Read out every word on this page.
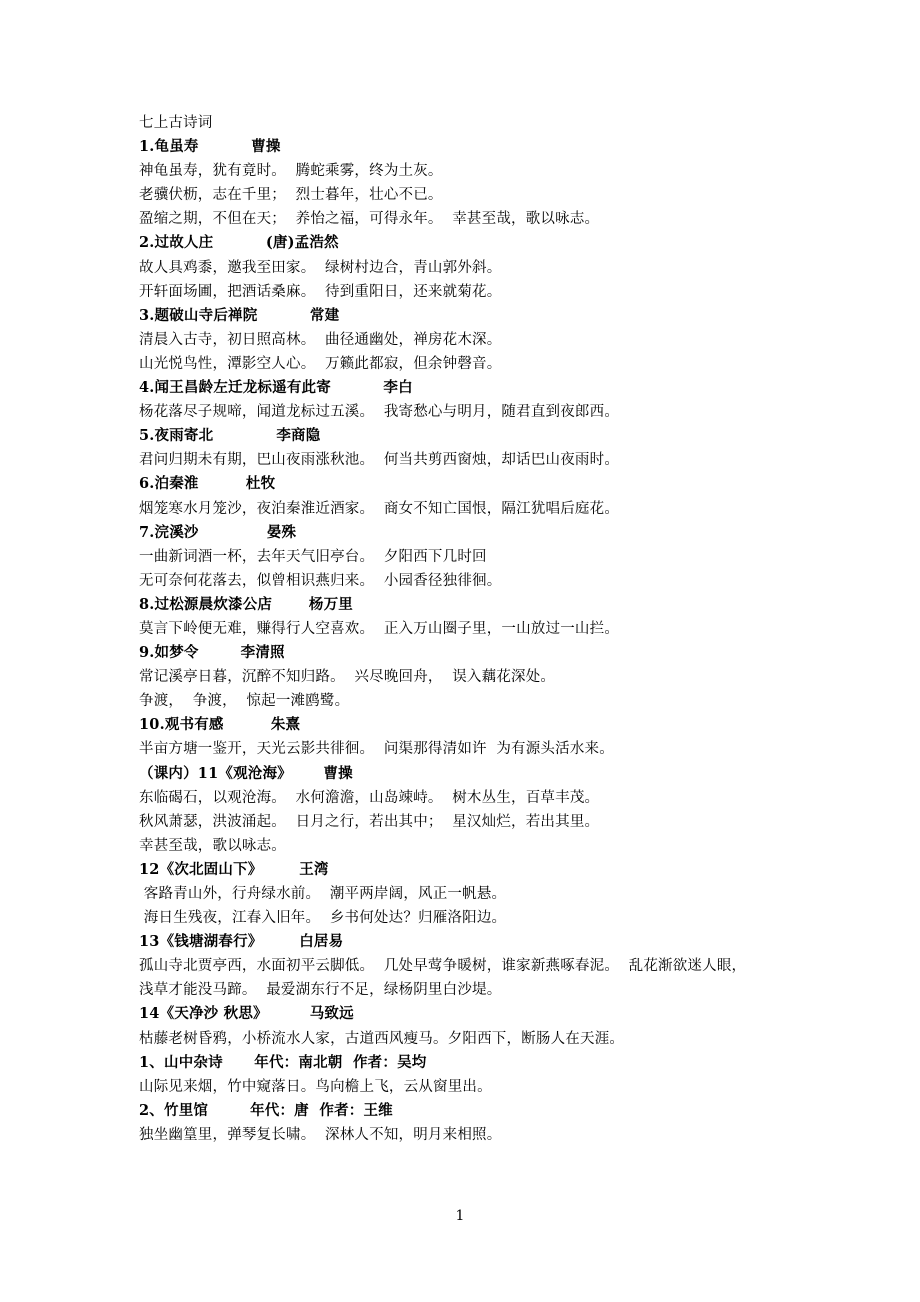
七上古诗词
1.龟虽寿          曹操
神龟虽寿，犹有竟时。  腾蛇乘雾，终为土灰。
老骥伏枥，志在千里；  烈士暮年，壮心不已。
盈缩之期，不但在天；  养怡之福，可得永年。  幸甚至哉，歌以咏志。
2.过故人庄          (唐)孟浩然
故人具鸡黍，邀我至田家。  绿树村边合，青山郭外斜。
开轩面场圃，把酒话桑麻。  待到重阳日，还来就菊花。
3.题破山寺后禅院          常建
清晨入古寺，初日照高林。  曲径通幽处，禅房花木深。
山光悦鸟性，潭影空人心。  万籁此都寂，但余钟磬音。
4.闻王昌龄左迁龙标遥有此寄          李白
杨花落尽子规啼，闻道龙标过五溪。  我寄愁心与明月，随君直到夜郎西。
5.夜雨寄北            李商隐
君问归期未有期，巴山夜雨涨秋池。  何当共剪西窗烛，却话巴山夜雨时。
6.泊秦淮         杜牧
烟笼寒水月笼沙，夜泊秦淮近酒家。  商女不知亡国恨，隔江犹唱后庭花。
7.浣溪沙             晏殊
一曲新词酒一杯，去年天气旧亭台。  夕阳西下几时回
无可奈何花落去，似曾相识燕归来。  小园香径独徘徊。
8.过松源晨炊漆公店       杨万里
莫言下岭便无难，赚得行人空喜欢。  正入万山圈子里，一山放过一山拦。
9.如梦令        李清照
常记溪亭日暮，沉醉不知归路。  兴尽晚回舟，  误入藕花深处。
争渡，  争渡，  惊起一滩鸥鹭。
10.观书有感         朱熹
半亩方塘一鉴开，天光云影共徘徊。  问渠那得清如许  为有源头活水来。
（课内）11《观沧海》      曹操
东临碣石，以观沧海。  水何澹澹，山岛竦峙。  树木丛生，百草丰茂。
秋风萧瑟，洪波涌起。  日月之行，若出其中；  星汉灿烂，若出其里。
幸甚至哉，歌以咏志。
12《次北固山下》       王湾
客路青山外，行舟绿水前。  潮平两岸阔，风正一帆悬。
海日生残夜，江春入旧年。  乡书何处达？归雁洛阳边。
13《钱塘湖春行》       白居易
孤山寺北贾亭西，水面初平云脚低。  几处早莺争暖树，谁家新燕啄春泥。  乱花渐欲迷人眼，
浅草才能没马蹄。  最爱湖东行不足，绿杨阴里白沙堤。
14《天净沙 秋思》        马致远
枯藤老树昏鸦，小桥流水人家，古道西风瘦马。夕阳西下，断肠人在天涯。
1、山中杂诗      年代：南北朝  作者：吴均
山际见来烟，竹中窥落日。鸟向檐上飞，云从窗里出。
2、竹里馆        年代：唐  作者：王维
独坐幽篁里，弹琴复长啸。  深林人不知，明月来相照。
1
